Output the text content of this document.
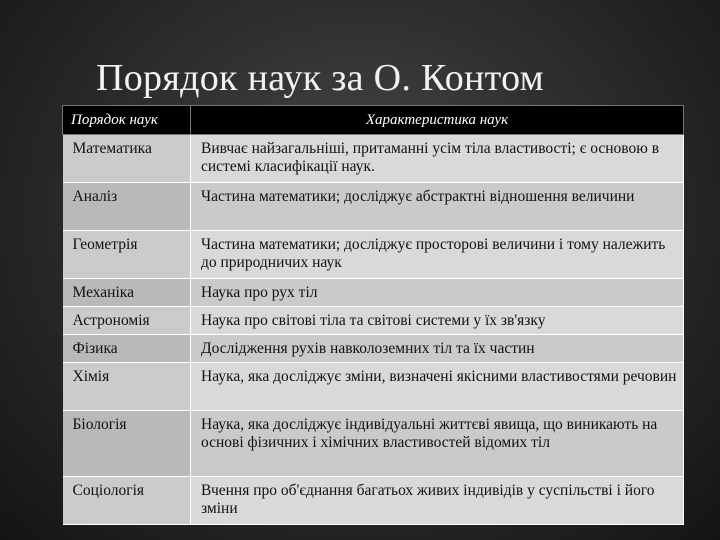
Порядок наук за О. Контом
Порядок наук	Характеристика наук
Математика	Вивчає найзагальніші, притаманні усім тіла властивості; є основою в системі класифікації наук.
Аналіз	Частина математики; досліджує абстрактні відношення величини
Геометрія	Частина математики; досліджує просторові величини і тому належить до природничих наук
Механіка	Наука про рух тіл
Астрономія	Наука про світові тіла та світові системи у їх зв'язку
Фізика	Дослідження рухів навколоземних тіл та їх частин
Хімія	Наука, яка досліджує зміни, визначені якісними властивостями речовин
Біологія	Наука, яка досліджує індивідуальні життєві явища, що виникають на основі фізичних і хімічних властивостей відомих тіл
Соціологія	Вчення про об'єднання багатьох живих індивідів у суспільстві і його зміни
